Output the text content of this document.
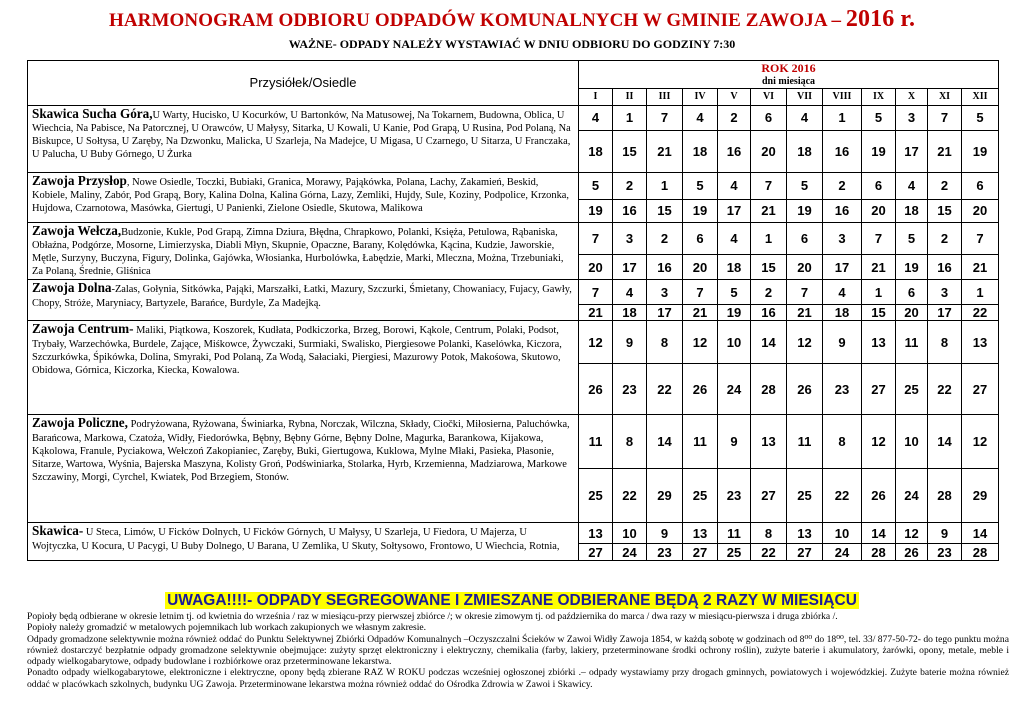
HARMONOGRAM ODBIORU ODPADÓW KOMUNALNYCH W GMINIE ZAWOJA – 2016 r.
WAŻNE- ODPADY NALEŻY WYSTAWIAĆ W DNIU ODBIORU DO GODZINY 7:30
Przysiółek/Osiedle	ROK 2016											
	dni miesiąca											
	I	II	III	IV	V	VI	VII	VIII	IX	X	XI	XII
Skawica Sucha Góra,U Warty, Hucisko, U Kocurków, U Bartonków, Na Matusowej, Na Tokarnem, Budowna, Oblica, U Wiechcia, Na Pabisce, Na Patorcznej, U Orawców, U Małysy, Sitarka, U Kowali, U Kanie, Pod Grapą, U Rusina, Pod Polaną, Na Biskupce, U Sołtysa, U Zaręby, Na Dzwonku, Malicka, U Szarleja, Na Madejce, U Migasa, U Czarnego, U Sitarza, U Franczaka, U Palucha, U Buby Górnego, U Żurka	4	1	7	4	2	6	4	1	5	3	7	5
	18	15	21	18	16	20	18	16	19	17	21	19
Zawoja Przysłop, Nowe Osiedle, Toczki, Bubiaki, Granica, Morawy, Pająkówka, Polana, Lachy, Zakamień, Beskid, Kobiele, Maliny, Zabór, Pod Grapą, Bory, Kalina Dolna, Kalina Górna, Lazy, Zemliki, Hujdy, Sule, Koziny, Podpolice, Krzonka, Hujdowa, Czarnotowa, Masówka, Giertugi, U Panienki, Zielone Osiedle, Skutowa, Malikowa	5	2	1	5	4	7	5	2	6	4	2	6
	19	16	15	19	17	21	19	16	20	18	15	20
Zawoja Wełcza,Budzonie, Kukle, Pod Grapą, Zimna Dziura, Błędna, Chrapkowo, Polanki, Księża, Petulowa, Rąbaniska, Obłaźna, Podgórze, Mosorne, Limierzyska, Diabli Młyn, Skupnie, Opaczne, Barany, Kolędówka, Kącina, Kudzie, Jaworskie, Mętle, Surzyny, Buczyna, Figury, Dolinka, Gajówka, Włosianka, Hurbolówka, Łabędzie, Marki, Mleczna, Można, Trzebuniaki, Za Polaną, Średnie, Gliśnica	7	3	2	6	4	1	6	3	7	5	2	7
	20	17	16	20	18	15	20	17	21	19	16	21
Zawoja Dolna-Zalas, Gołynia, Sitkówka, Pająki, Marszałki, Łatki, Mazury, Szczurki, Śmietany, Chowaniacy, Fujacy, Gawły, Chopy, Stróże, Maryniacy, Bartyzele, Barańce, Burdyle, Za Madejką.	7	4	3	7	5	2	7	4	1	6	3	1
	21	18	17	21	19	16	21	18	15	20	17	22
Zawoja Centrum- Maliki, Piątkowa, Koszorek, Kudłata, Podkiczorka, Brzeg, Borowi, Kąkole, Centrum, Polaki, Podsot, Trybały, Warzechówka, Burdele, Zające, Miśkowce, Żywczaki, Surmiaki, Swalisko, Piergiesowe Polanki, Kaselówka, Kiczora, Szczurkówka, Śpikówka, Dolina, Smyraki, Pod Polaną, Za Wodą, Sałaciaki, Piergiesi, Mazurowy Potok, Makośowa, Skutowo, Obidowa, Górnica, Kiczorka, Kiecka, Kowalowa.	12	9	8	12	10	14	12	9	13	11	8	13
	26	23	22	26	24	28	26	23	27	25	22	27
Zawoja Policzne, Podryżowana, Ryżowana, Świniarka, Rybna, Norczak, Wilczna, Składy, Ciočki, Miłosierna, Paluchówka, Barańcowa, Markowa, Czatoża, Widły, Fiedorówka, Bębny, Bębny Górne, Bębny Dolne, Magurka, Barankowa, Kijakowa, Kąkolowa, Franule, Pyciakowa, Wełczoń Zakopianiec, Zaręby, Buki, Giertugowa, Kuklowa, Mylne Młaki, Pasieka, Płasonie, Sitarze, Wartowa, Wyśnia, Bajerska Maszyna, Kolisty Groń, Podświniarka, Stolarka, Hyrb, Krzemienna, Madziarowa, Markowe Szczawiny, Morgi, Cyrchel, Kwiatek, Pod Brzegiem, Stonów.	11	8	14	11	9	13	11	8	12	10	14	12
	25	22	29	25	23	27	25	22	26	24	28	29
Skawica- U Steca, Limów, U Ficków Dolnych, U Ficków Górnych, U Małysy, U Szarleja, U Fiedora, U Majerza, U Wojtyczka, U Kocura, U Pacygi, U Buby Dolnego, U Barana, U Zemlika, U Skuty, Sołtysowo, Frontowo, U Wiechcia, Rotnia,	13	10	9	13	11	8	13	10	14	12	9	14
	27	24	23	27	25	22	27	24	28	26	23	28
UWAGA!!!!- ODPADY SEGREGOWANE I ZMIESZANE ODBIERANE BĘDĄ 2 RAZY W MIESIĄCU

Popioły będą odbierane w okresie letnim tj. od kwietnia do września / raz w miesiącu-przy pierwszej zbiórce /; w okresie zimowym tj. od października do marca / dwa razy w miesiącu-pierwsza i druga zbiórka /.

Popioły należy gromadzić w metalowych pojemnikach lub workach zakupionych we własnym zakresie.

Odpady gromadzone selektywnie można również oddać do Punktu Selektywnej Zbiórki Odpadów Komunalnych –Oczyszczalni Ścieków w Zawoi Widły Zawoja 1854, w każdą sobotę w godzinach od 8⁰⁰ do 18⁰⁰, tel. 33/ 877-50-72- do tego punktu można również dostarczyć bezpłatnie odpady gromadzone selektywnie obejmujące: zużyty sprzęt elektroniczny i elektryczny, chemikalia (farby, lakiery, przeterminowane środki ochrony roślin), zużyte baterie i akumulatory, żarówki, opony, metale, meble i odpady wielkogabarytowe, odpady budowlane i rozbiórkowe oraz przeterminowane lekarstwa.

Ponadto odpady wielkogabarytowe, elektroniczne i elektryczne, opony będą zbierane RAZ W ROKU podczas wcześniej ogłoszonej zbiórki .– odpady wystawiamy przy drogach gminnych, powiatowych i wojewódzkiej. Zużyte baterie można również oddać w placówkach szkolnych, budynku UG Zawoja. Przeterminowane lekarstwa można również oddać do Ośrodka Zdrowia w Zawoi i Skawicy.
